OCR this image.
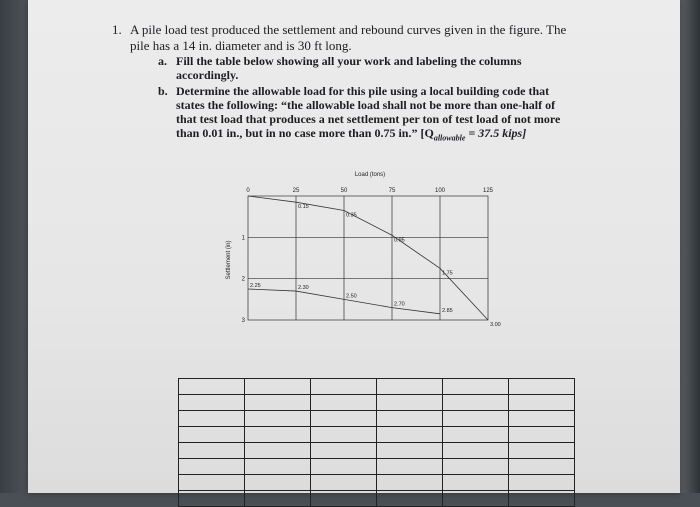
1. A pile load test produced the settlement and rebound curves given in the figure. The
pile has a 14 in. diameter and is 30 ft long.
a. Fill the table below showing all your work and labeling the columns
accordingly.
b. Determine the allowable load for this pile using a local building code that
states the following: “the allowable load shall not be more than one-half of
that test load that produces a net settlement per ton of test load of not more
than 0.01 in., but in no case more than 0.75 in.” [$Q_{allowable} = 37.5$ kips]
Load (tons)
0	25	50	75	100	125
1
2
3
Settlement (in)
0.15
0.35
0.95
1.75
3.00
2.25	2.30
2.50
2.70
2.85
